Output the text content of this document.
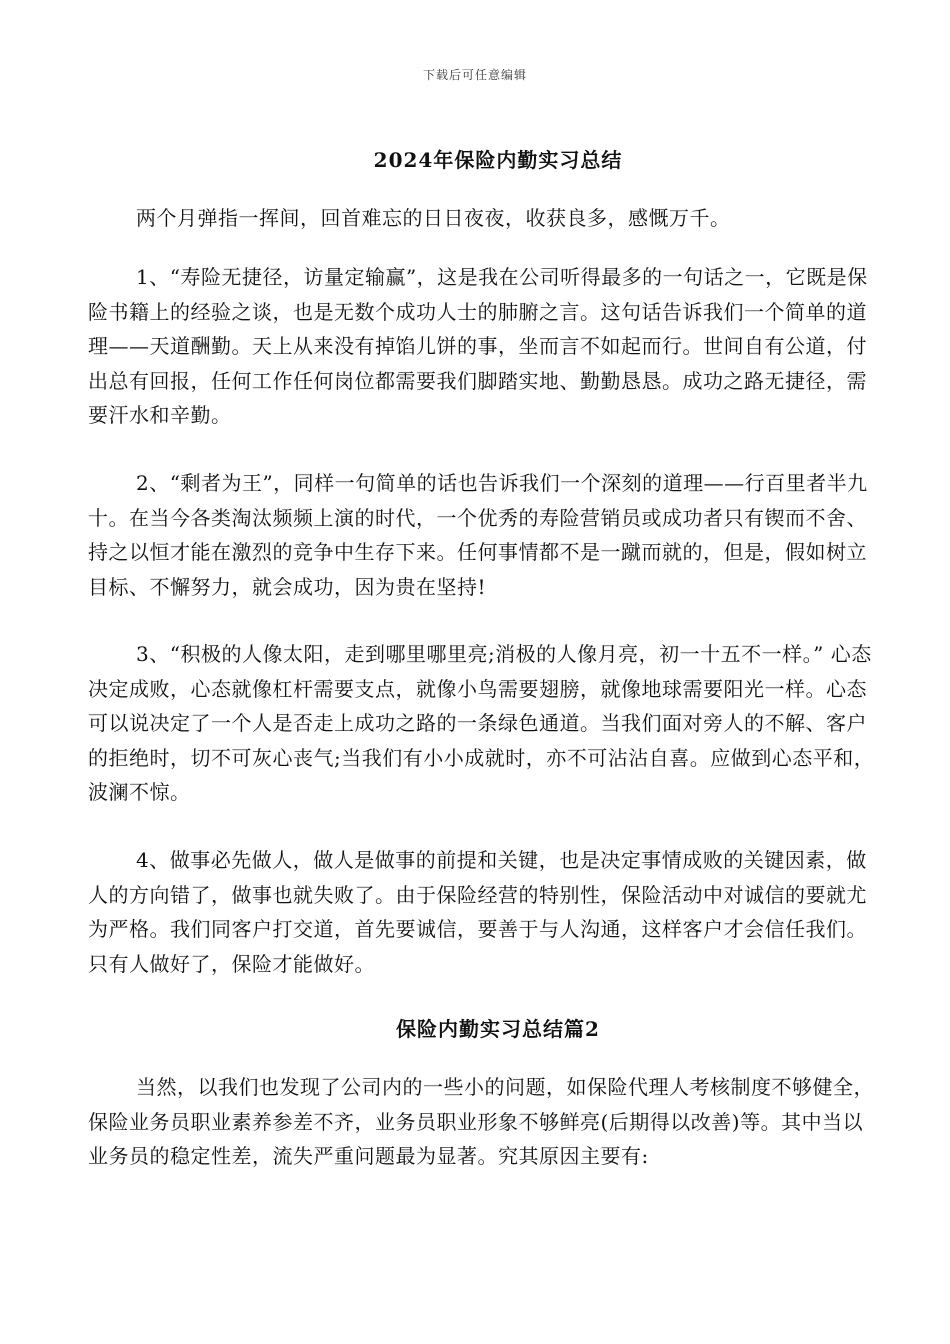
下载后可任意编辑
2024年保险内勤实习总结
两个月弹指一挥间，回首难忘的日日夜夜，收获良多，感慨万千。
1、“寿险无捷径，访量定输赢”，这是我在公司听得最多的一句话之一，它既是保险书籍上的经验之谈，也是无数个成功人士的肺腑之言。这句话告诉我们一个简单的道理——天道酬勤。天上从来没有掉馅儿饼的事，坐而言不如起而行。世间自有公道，付出总有回报，任何工作任何岗位都需要我们脚踏实地、勤勤恳恳。成功之路无捷径，需要汗水和辛勤。
2、“剩者为王”，同样一句简单的话也告诉我们一个深刻的道理——行百里者半九十。在当今各类淘汰频频上演的时代，一个优秀的寿险营销员或成功者只有锲而不舍、持之以恒才能在激烈的竞争中生存下来。任何事情都不是一蹴而就的，但是，假如树立目标、不懈努力，就会成功，因为贵在坚持!
3、“积极的人像太阳，走到哪里哪里亮;消极的人像月亮，初一十五不一样。” 心态决定成败，心态就像杠杆需要支点，就像小鸟需要翅膀，就像地球需要阳光一样。心态可以说决定了一个人是否走上成功之路的一条绿色通道。当我们面对旁人的不解、客户的拒绝时，切不可灰心丧气;当我们有小小成就时，亦不可沾沾自喜。应做到心态平和，波澜不惊。
4、做事必先做人，做人是做事的前提和关键，也是决定事情成败的关键因素，做人的方向错了，做事也就失败了。由于保险经营的特别性，保险活动中对诚信的要就尤为严格。我们同客户打交道，首先要诚信，要善于与人沟通，这样客户才会信任我们。只有人做好了，保险才能做好。
保险内勤实习总结篇2
当然，以我们也发现了公司内的一些小的问题，如保险代理人考核制度不够健全，保险业务员职业素养参差不齐，业务员职业形象不够鲜亮(后期得以改善)等。其中当以业务员的稳定性差，流失严重问题最为显著。究其原因主要有:
